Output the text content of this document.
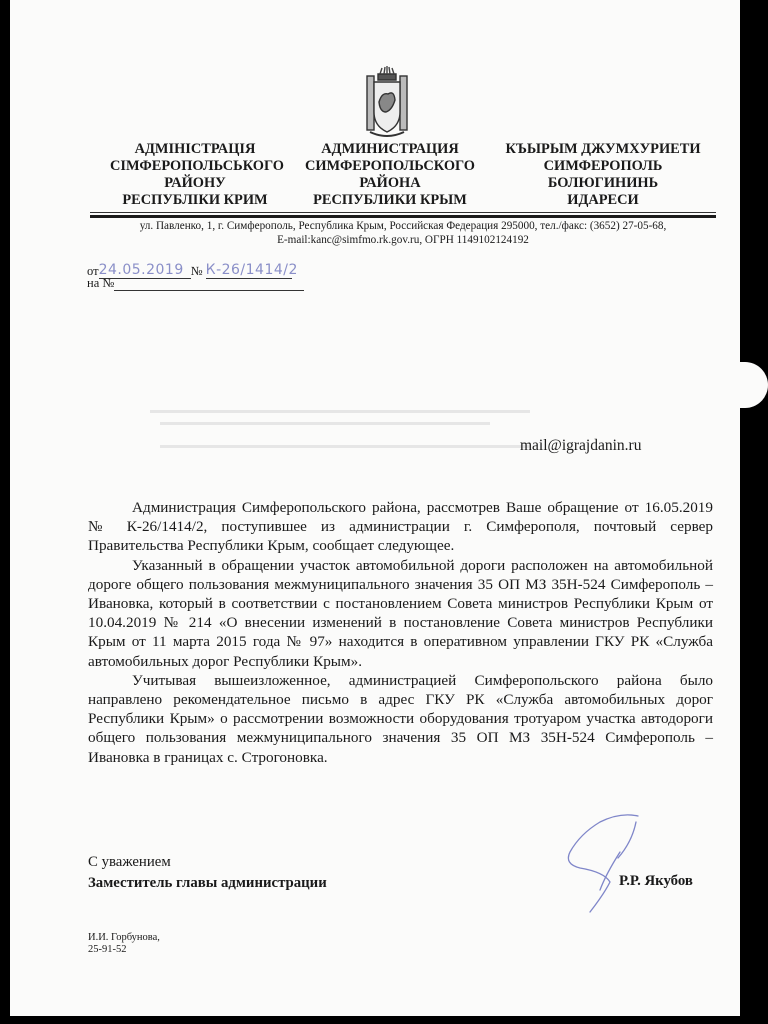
АДМІНІСТРАЦІЯ
СІМФЕРОПОЛЬСЬКОГО
РАЙОНУ
РЕСПУБЛІКИ КРИМ
АДМИНИСТРАЦИЯ
СИМФЕРОПОЛЬСКОГО
РАЙОНА
РЕСПУБЛИКИ КРЫМ
КЪЫРЫМ ДЖУМХУРИЕТИ
СИМФЕРОПОЛЬ
БОЛЮГИНИНЬ
ИДАРЕСИ
ул. Павленко, 1, г. Симферополь, Республика Крым, Российская Федерация 295000, тел./факс: (3652) 27-05-68,
E-mail:kanc@simfmo.rk.gov.ru, ОГРН 1149102124192
от24.05.2019 № К-26/1414/2
на №
mail@igrajdanin.ru

Администрация Симферопольского района, рассмотрев Ваше обращение от 16.05.2019 № К-26/1414/2, поступившее из администрации г. Симферополя, почтовый сервер Правительства Республики Крым, сообщает следующее.

Указанный в обращении участок автомобильной дороги расположен на автомобильной дороге общего пользования межмуниципального значения 35 ОП МЗ 35Н-524 Симферополь – Ивановка, который в соответствии с постановлением Совета министров Республики Крым от 10.04.2019 № 214 «О внесении изменений в постановление Совета министров Республики Крым от 11 марта 2015 года № 97» находится в оперативном управлении ГКУ РК «Служба автомобильных дорог Республики Крым».

Учитывая вышеизложенное, администрацией Симферопольского района было направлено рекомендательное письмо в адрес ГКУ РК «Служба автомобильных дорог Республики Крым» о рассмотрении возможности оборудования тротуаром участка автодороги общего пользования межмуниципального значения 35 ОП МЗ 35Н-524 Симферополь – Ивановка в границах с. Строгоновка.

С уважением
Заместитель главы администрации	Р.Р. Якубов
И.И. Горбунова,
25-91-52
